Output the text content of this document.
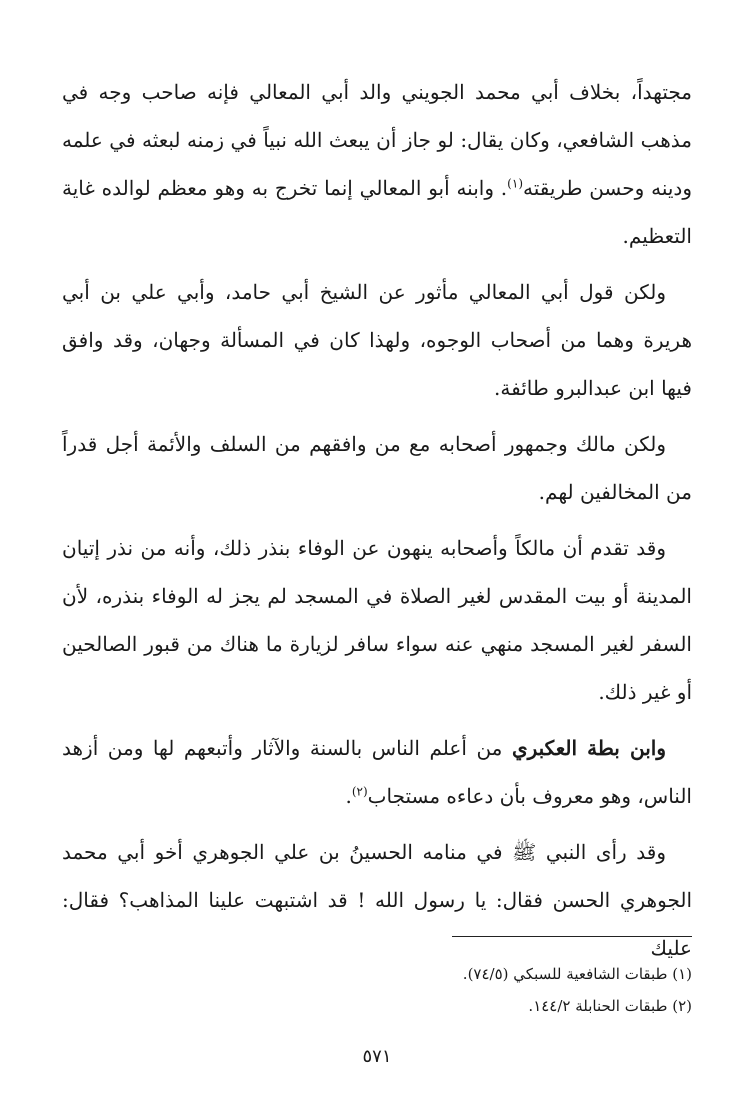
مجتهداً، بخلاف أبي محمد الجويني والد أبي المعالي فإنه صاحب وجه في مذهب الشافعي، وكان يقال: لو جاز أن يبعث الله نبياً في زمنه لبعثه في علمه ودينه وحسن طريقته$^{(١)}$. وابنه أبو المعالي إنما تخرج به وهو معظم لوالده غاية التعظيم.

ولكن قول أبي المعالي مأثور عن الشيخ أبي حامد، وأبي علي بن أبي هريرة وهما من أصحاب الوجوه، ولهذا كان في المسألة وجهان، وقد وافق فيها ابن عبدالبرو طائفة.

ولكن مالك وجمهور أصحابه مع من وافقهم من السلف والأئمة أجل قدراً من المخالفين لهم.

وقد تقدم أن مالكاً وأصحابه ينهون عن الوفاء بنذر ذلك، وأنه من نذر إتيان المدينة أو بيت المقدس لغير الصلاة في المسجد لم يجز له الوفاء بنذره، لأن السفر لغير المسجد منهي عنه سواء سافر لزيارة ما هناك من قبور الصالحين أو غير ذلك.

وابن بطة العكبري من أعلم الناس بالسنة والآثار وأتبعهم لها ومن أزهد الناس، وهو معروف بأن دعاءه مستجاب$^{(٢)}$.

وقد رأى النبي ﷺ في منامه الحسينُ بن علي الجوهري أخو أبي محمد الجوهري الحسن فقال: يا رسول الله ! قد اشتبهت علينا المذاهب؟ فقال: عليك

(١) طبقات الشافعية للسبكي (٧٤/٥).

(٢) طبقات الحنابلة ١٤٤/٢.

٥٧١
